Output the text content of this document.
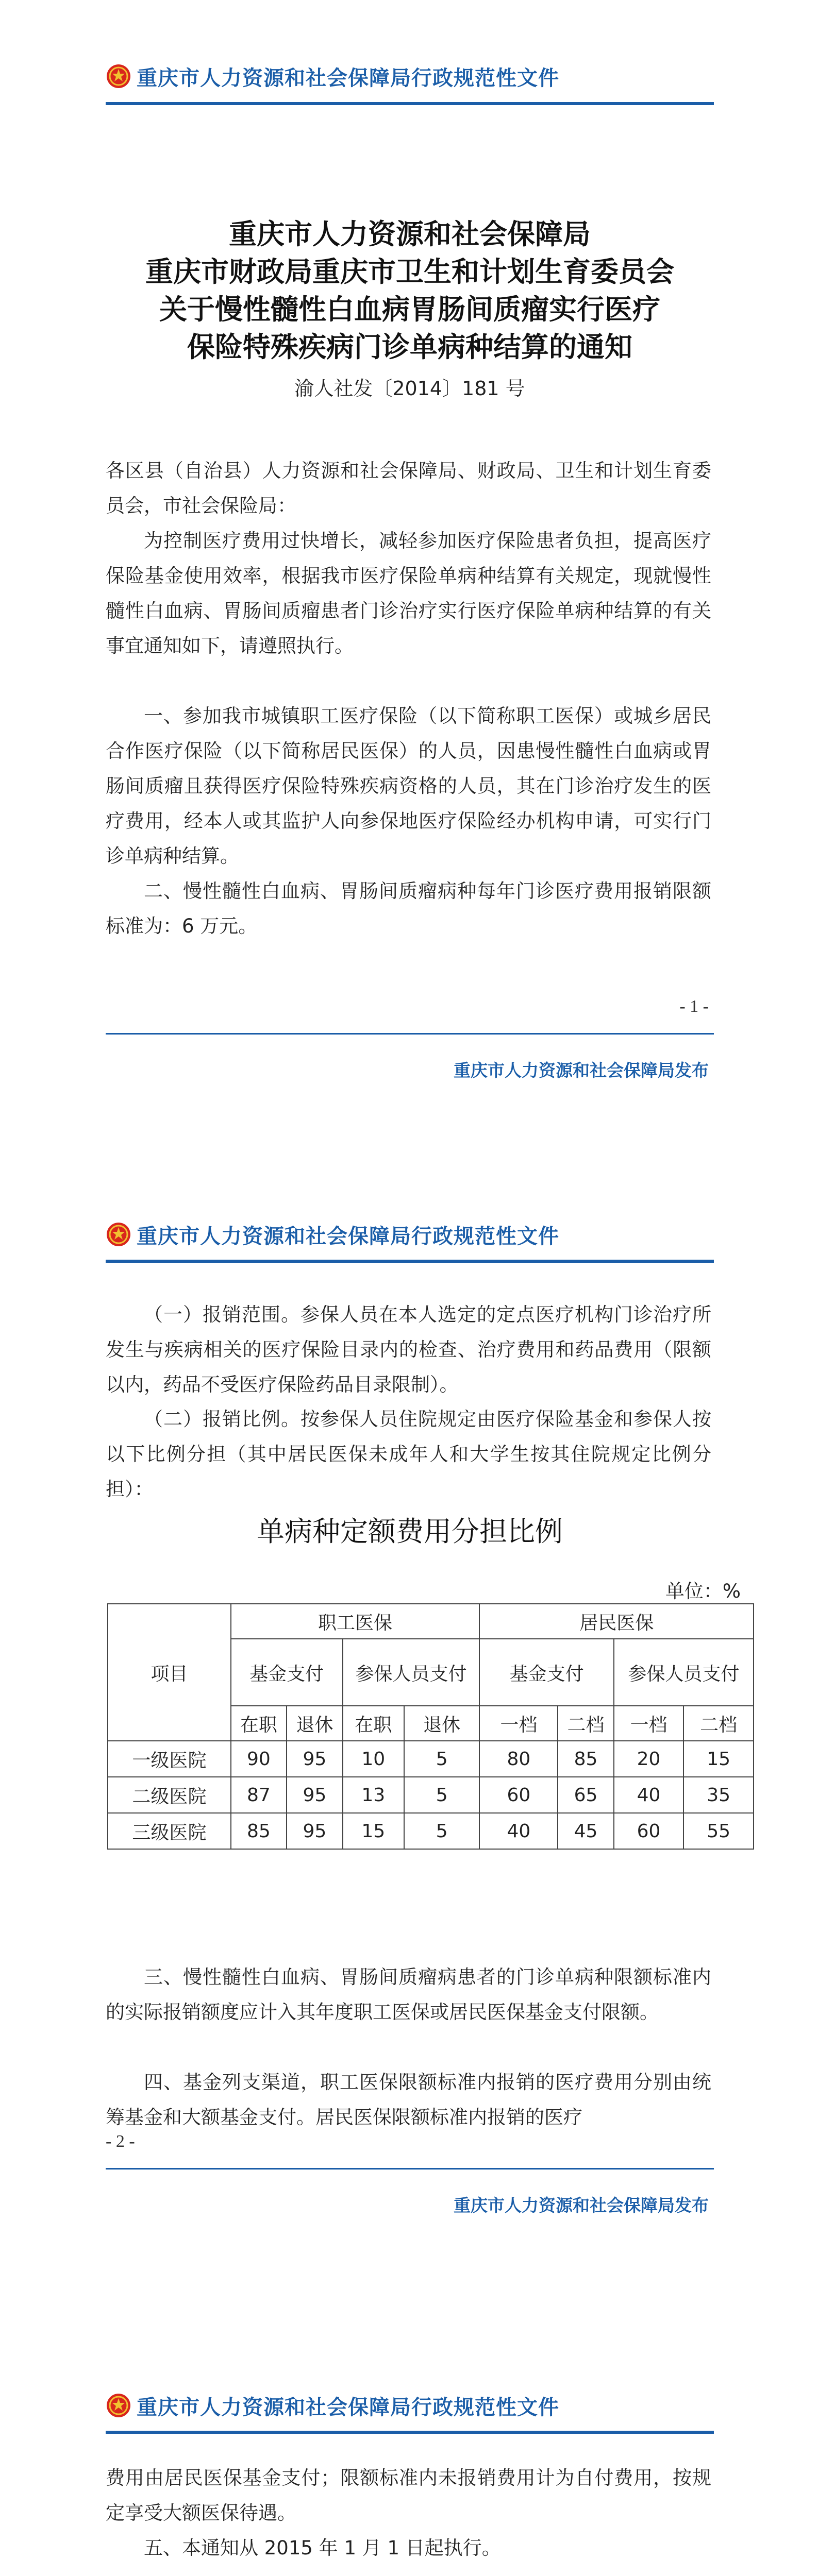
重庆市人力资源和社会保障局行政规范性文件
重庆市人力资源和社会保障局
重庆市财政局重庆市卫生和计划生育委员会
关于慢性髓性白血病胃肠间质瘤实行医疗
保险特殊疾病门诊单病种结算的通知
渝人社发〔2014〕181 号

各区县（自治县）人力资源和社会保障局、财政局、卫生和计划生育委员会，市社会保险局：

为控制医疗费用过快增长，减轻参加医疗保险患者负担，提高医疗保险基金使用效率，根据我市医疗保险单病种结算有关规定，现就慢性髓性白血病、胃肠间质瘤患者门诊治疗实行医疗保险单病种结算的有关事宜通知如下，请遵照执行。

一、参加我市城镇职工医疗保险（以下简称职工医保）或城乡居民合作医疗保险（以下简称居民医保）的人员，因患慢性髓性白血病或胃肠间质瘤且获得医疗保险特殊疾病资格的人员，其在门诊治疗发生的医疗费用，经本人或其监护人向参保地医疗保险经办机构申请，可实行门诊单病种结算。

二、慢性髓性白血病、胃肠间质瘤病种每年门诊医疗费用报销限额标准为：6 万元。

- 1 -
重庆市人力资源和社会保障局发布
重庆市人力资源和社会保障局行政规范性文件

（一）报销范围。参保人员在本人选定的定点医疗机构门诊治疗所发生与疾病相关的医疗保险目录内的检查、治疗费用和药品费用（限额以内，药品不受医疗保险药品目录限制）。

（二）报销比例。按参保人员住院规定由医疗保险基金和参保人按以下比例分担（其中居民医保未成年人和大学生按其住院规定比例分担）：

单病种定额费用分担比例
单位：%
项目	职工医保				居民医保			
	基金支付		参保人员支付		基金支付		参保人员支付	
	在职	退休	在职	退休	一档	二档	一档	二档
一级医院	90	95	10	5	80	85	20	15
二级医院	87	95	13	5	60	65	40	35
三级医院	85	95	15	5	40	45	60	55

三、慢性髓性白血病、胃肠间质瘤病患者的门诊单病种限额标准内的实际报销额度应计入其年度职工医保或居民医保基金支付限额。

四、基金列支渠道，职工医保限额标准内报销的医疗费用分别由统筹基金和大额基金支付。居民医保限额标准内报销的医疗

- 2 -
重庆市人力资源和社会保障局发布
重庆市人力资源和社会保障局行政规范性文件

费用由居民医保基金支付；限额标准内未报销费用计为自付费用，按规定享受大额医保待遇。

五、本通知从 2015 年 1 月 1 日起执行。
